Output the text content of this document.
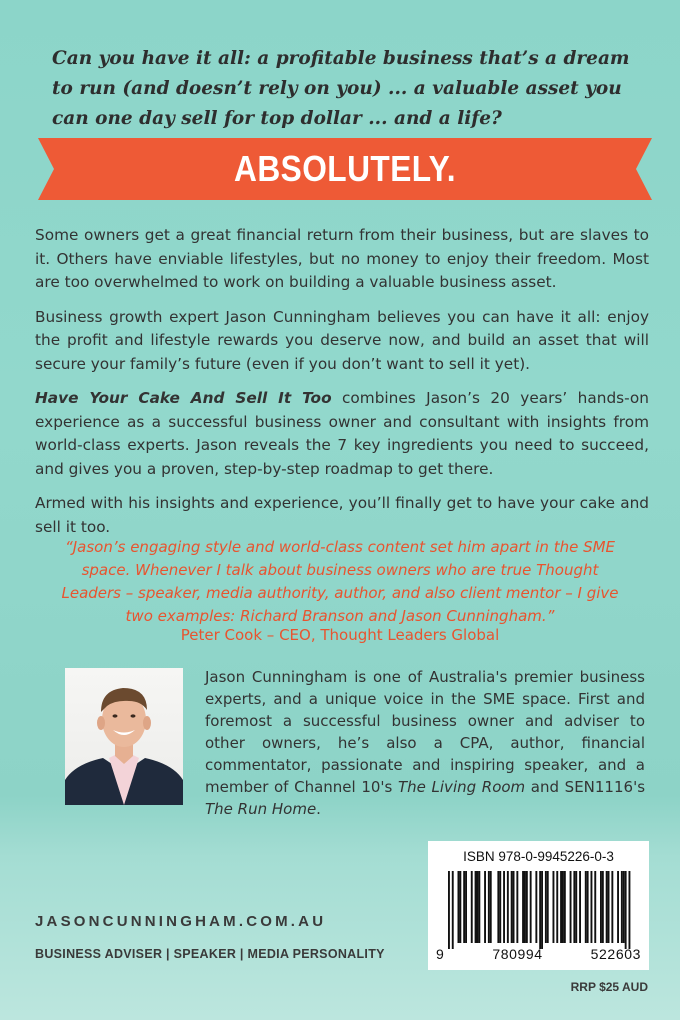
Can you have it all: a profitable business that’s a dream to run (and doesn’t rely on you) ... a valuable asset you can one day sell for top dollar ... and a life?
ABSOLUTELY.

Some owners get a great financial return from their business, but are slaves to it. Others have enviable lifestyles, but no money to enjoy their freedom. Most are too overwhelmed to work on building a valuable business asset.

Business growth expert Jason Cunningham believes you can have it all: enjoy the profit and lifestyle rewards you deserve now, and build an asset that will secure your family’s future (even if you don’t want to sell it yet).

Have Your Cake And Sell It Too combines Jason’s 20 years’ hands-on experience as a successful business owner and consultant with insights from world-class experts. Jason reveals the 7 key ingredients you need to succeed, and gives you a proven, step-by-step roadmap to get there.

Armed with his insights and experience, you’ll finally get to have your cake and sell it too.

“Jason’s engaging style and world-class content set him apart in the SME space. Whenever I talk about business owners who are true Thought Leaders – speaker, media authority, author, and also client mentor – I give two examples: Richard Branson and Jason Cunningham.”
Peter Cook – CEO, Thought Leaders Global
Jason Cunningham is one of Australia's premier business experts, and a unique voice in the SME space. First and foremost a successful business owner and adviser to other owners, he’s also a CPA, author, financial commentator, passionate and inspiring speaker, and a member of Channel 10's The Living Room and SEN1116's The Run Home.
JASONCUNNINGHAM.COM.AU
BUSINESS ADVISER | SPEAKER | MEDIA PERSONALITY
ISBN 978-0-9945226-0-3
9	780994	522603
RRP $25 AUD
